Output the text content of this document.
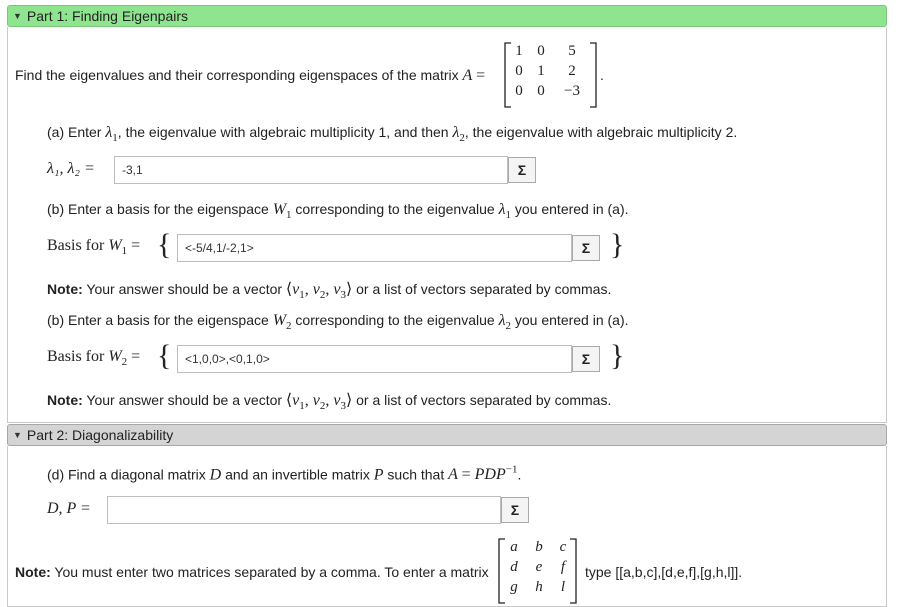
▼ Part 1: Finding Eigenpairs
Find the eigenvalues and their corresponding eigenspaces of the matrix A =
1 0	5
0 1	2
0 0	−3
.
(a) Enter $\lambda_1$, the eigenvalue with algebraic multiplicity 1, and then $\lambda_2$, the eigenvalue with algebraic multiplicity 2.
λ₁, λ₂ =	-3,1	Σ
(b) Enter a basis for the eigenspace $W_1$ corresponding to the eigenvalue $\lambda_1$ you entered in (a).
Basis for $W_1$ = {	<-5/4,1/-2,1>	Σ }
Note: Your answer should be a vector $⟨v_1$, $v_2$, $v_3⟩$ or a list of vectors separated by commas.
(b) Enter a basis for the eigenspace $W_2$ corresponding to the eigenvalue $\lambda_2$ you entered in (a).
Basis for $W_2$ = {	<1,0,0>,<0,1,0>	Σ }
Note: Your answer should be a vector $⟨v_1$, $v_2$, $v_3⟩$ or a list of vectors separated by commas.
▼ Part 2: Diagonalizability
(d) Find a diagonal matrix D and an invertible matrix P such that $A = PDP^{-1}$.
D, P =	Σ
Note: You must enter two matrices separated by a comma. To enter a matrix
a	b	c
d	e	f
g	h	l
type [[a,b,c],[d,e,f],[g,h,l]].
